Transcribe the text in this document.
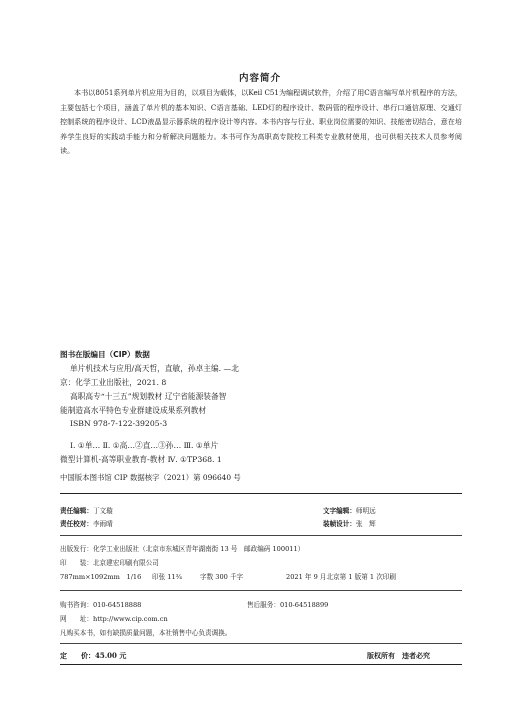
内容简介

本书以8051系列单片机应用为目的，以项目为载体，以Keil C51为编程调试软件，介绍了用C语言编写单片机程序的方法，主要包括七个项目，涵盖了单片机的基本知识、C语言基础、LED灯的程序设计、数码管的程序设计、串行口通信原理、交通灯控制系统的程序设计、LCD液晶显示器系统的程序设计等内容。本书内容与行业、职业岗位需要的知识、技能密切结合，意在培养学生良好的实践动手能力和分析解决问题能力。本书可作为高职高专院校工科类专业教材使用，也可供相关技术人员参考阅读。

图书在版编目（CIP）数据
单片机技术与应用/高天哲，直敏，孙卓主编. —北
京：化学工业出版社，2021. 8
高职高专“十三五”规划教材 辽宁省能源装备智
能制造高水平特色专业群建设成果系列教材
ISBN 978-7-122-39205-3
Ⅰ. ①单… Ⅱ. ①高…②直…③孙… Ⅲ. ①单片
微型计算机-高等职业教育-教材 Ⅳ. ①TP368. 1
中国版本图书馆 CIP 数据核字（2021）第 096640 号
责任编辑：丁文璇	文字编辑：师明远
责任校对：李雨晴	装帧设计：张　辉
出版发行：化学工业出版社（北京市东城区青年湖南街 13 号　邮政编码 100011）
印　　装：北京建宏印刷有限公司
787mm×1092mm　1/16 印张 11¾	字数 300 千字	2021 年 9 月北京第 1 版第 1 次印刷
购书咨询：010-64518888	售后服务：010-64518899
网　　址：http://www.cip.com.cn
凡购买本书，如有缺损质量问题，本社销售中心负责调换。
定　　价：45.00 元	版权所有　违者必究
